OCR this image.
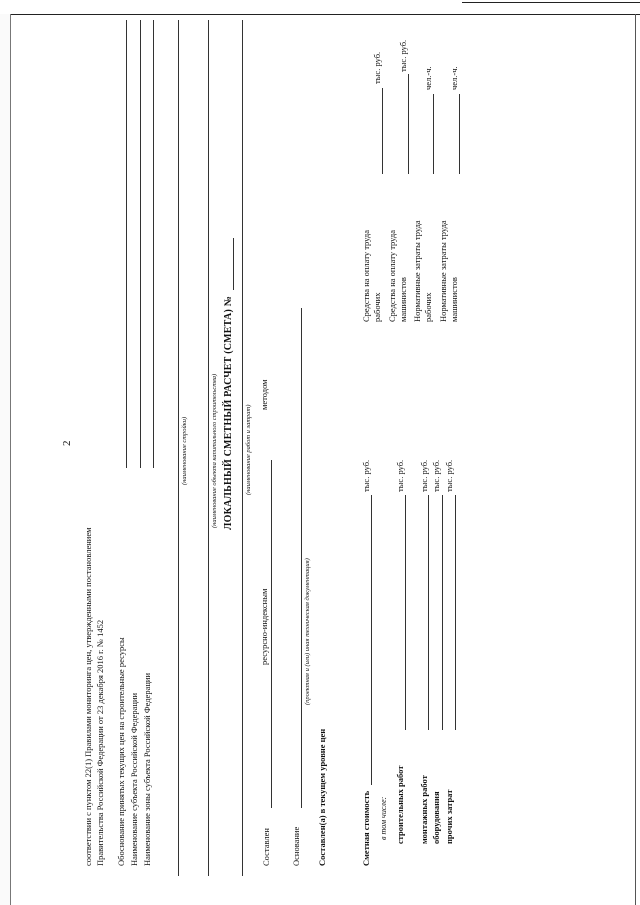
2
соответствии с пунктом 22(1) Правилами мониторинга цен, утвержденными постановлением Правительства Российской Федерации от 23 декабря 2016 г. № 1452 Обоснование принятых текущих цен на строительные ресурсы Наименование субъекта Российской Федерации Наименование зоны субъекта Российской Федерации
(наименование стройки)	(наименование объекта капитального строительства) ЛОКАЛЬНЫЙ СМЕТНЫЙ РАСЧЕТ (СМЕТА) № (наименование работ и затрат)
Составлен
ресурсно-индексным
методом
Основание
(проектная и (или) иная техническая документация)
Составлен(а) в текущем уровне цен	Сметная стоимость
тыс. руб.
в том числе: строительных работ
тыс. руб.
монтажных работ
тыс. руб.
оборудования
тыс. руб.
прочих затрат
тыс. руб.
Средства на оплату труда рабочих
тыс. руб.
Средства на оплату труда машинистов
тыс. руб.
Нормативные затраты труда рабочих
чел.-ч.
Нормативные затраты труда машинистов
чел.-ч.
